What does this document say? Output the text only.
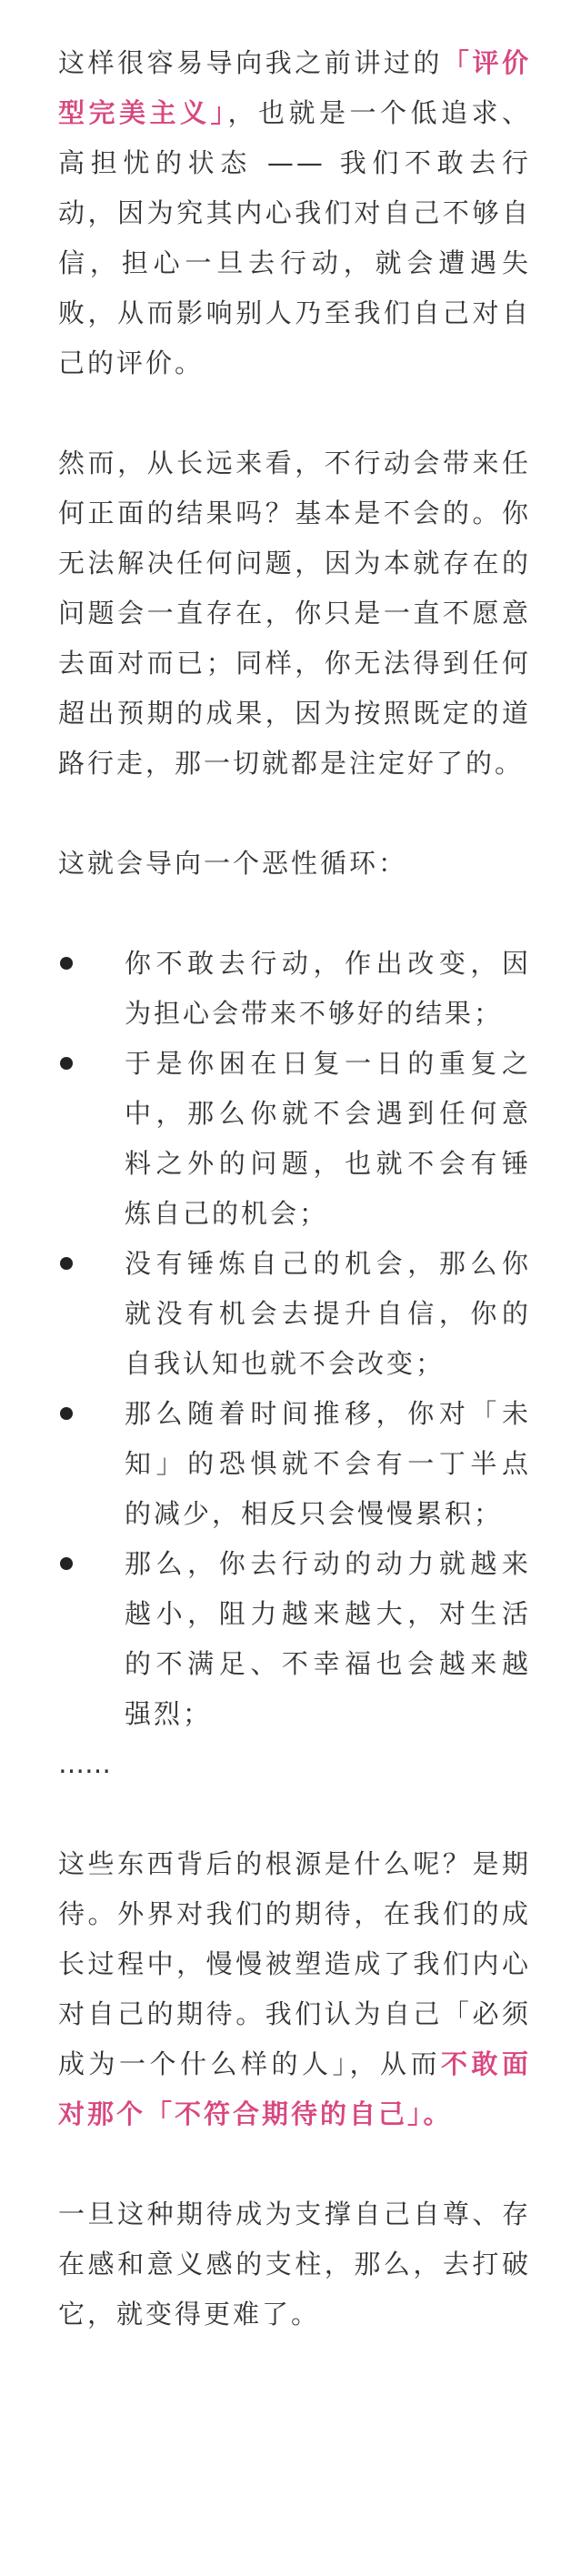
这样很容易导向我之前讲过的「评价型完美主义」，也就是一个低追求、高担忧的状态 —— 我们不敢去行动，因为究其内心我们对自己不够自信，担心一旦去行动，就会遭遇失败，从而影响别人乃至我们自己对自己的评价。

然而，从长远来看，不行动会带来任何正面的结果吗？基本是不会的。你无法解决任何问题，因为本就存在的问题会一直存在，你只是一直不愿意去面对而已；同样，你无法得到任何超出预期的成果，因为按照既定的道路行走，那一切就都是注定好了的。

这就会导向一个恶性循环：

你不敢去行动，作出改变，因为担心会带来不够好的结果；
于是你困在日复一日的重复之中，那么你就不会遇到任何意料之外的问题，也就不会有锤炼自己的机会；
没有锤炼自己的机会，那么你就没有机会去提升自信，你的自我认知也就不会改变；
那么随着时间推移，你对「未知」的恐惧就不会有一丁半点的减少，相反只会慢慢累积；
那么，你去行动的动力就越来越小，阻力越来越大，对生活的不满足、不幸福也会越来越强烈；

……

这些东西背后的根源是什么呢？是期待。外界对我们的期待，在我们的成长过程中，慢慢被塑造成了我们内心对自己的期待。我们认为自己「必须成为一个什么样的人」，从而不敢面对那个「不符合期待的自己」。

一旦这种期待成为支撑自己自尊、存在感和意义感的支柱，那么，去打破它，就变得更难了。
